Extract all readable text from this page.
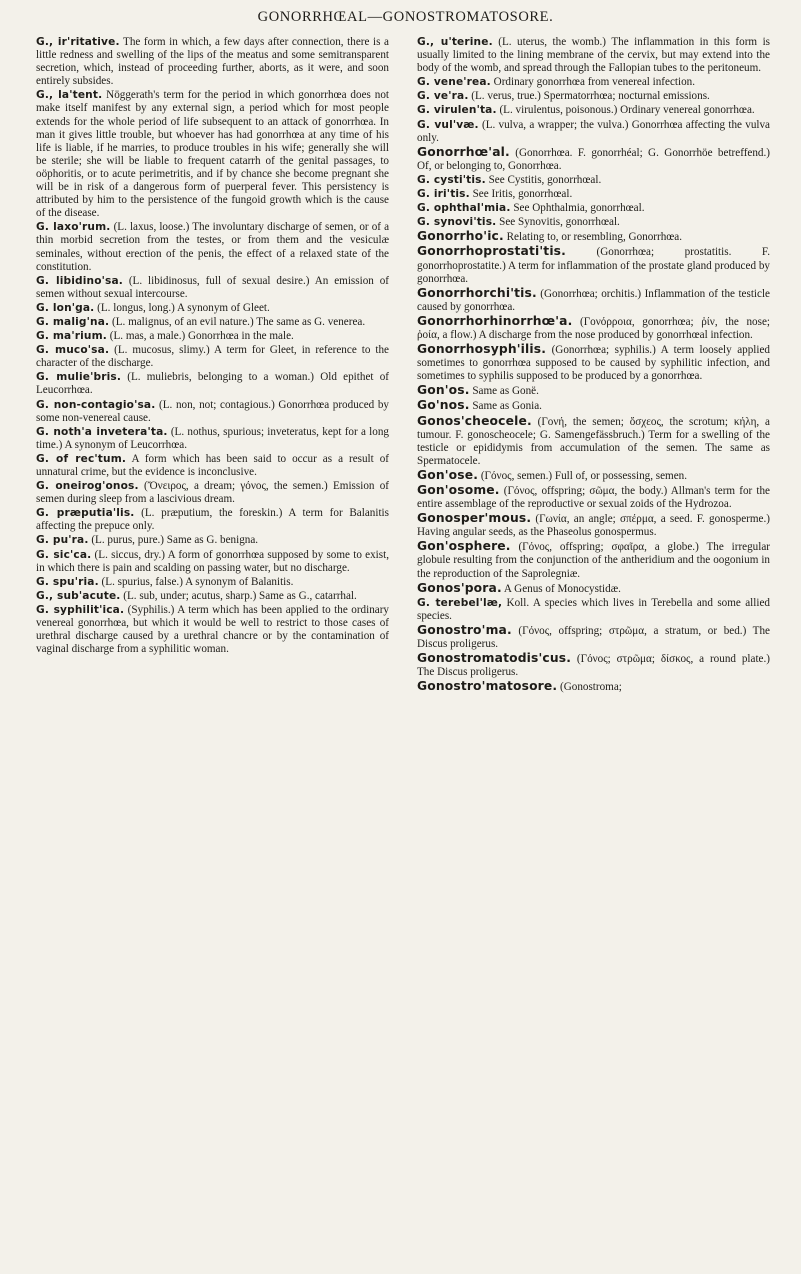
GONORRHŒAL—GONOSTROMATOSORE.

G., ir'ritative. The form in which, a few days after connection, there is a little redness and swelling of the lips of the meatus and some semitransparent secretion, which, instead of proceeding further, aborts, as it were, and soon entirely subsides.

G., la'tent. Nöggerath's term for the period in which gonorrhœa does not make itself manifest by any external sign, a period which for most people extends for the whole period of life subsequent to an attack of gonorrhœa. In man it gives little trouble, but whoever has had gonorrhœa at any time of his life is liable, if he marries, to produce troubles in his wife; generally she will be sterile; she will be liable to frequent catarrh of the genital passages, to oöphoritis, or to acute perimetritis, and if by chance she become pregnant she will be in risk of a dangerous form of puerperal fever. This persistency is attributed by him to the persistence of the fungoid growth which is the cause of the disease.

G. laxo'rum. (L. laxus, loose.) The involuntary discharge of semen, or of a thin morbid secretion from the testes, or from them and the vesiculæ seminales, without erection of the penis, the effect of a relaxed state of the constitution.

G. libidino'sa. (L. libidinosus, full of sexual desire.) An emission of semen without sexual intercourse.

G. lon'ga. (L. longus, long.) A synonym of Gleet.

G. malig'na. (L. malignus, of an evil nature.) The same as G. venerea.

G. ma'rium. (L. mas, a male.) Gonorrhœa in the male.

G. muco'sa. (L. mucosus, slimy.) A term for Gleet, in reference to the character of the discharge.

G. mulie'bris. (L. muliebris, belonging to a woman.) Old epithet of Leucorrhœa.

G. non-contagio'sa. (L. non, not; contagious.) Gonorrhœa produced by some non-venereal cause.

G. noth'a invetera'ta. (L. nothus, spurious; inveteratus, kept for a long time.) A synonym of Leucorrhœa.

G. of rec'tum. A form which has been said to occur as a result of unnatural crime, but the evidence is inconclusive.

G. oneirog'onos. (Ὄνειρος, a dream; γόνος, the semen.) Emission of semen during sleep from a lascivious dream.

G. præputia'lis. (L. præputium, the foreskin.) A term for Balanitis affecting the prepuce only.

G. pu'ra. (L. purus, pure.) Same as G. benigna.

G. sic'ca. (L. siccus, dry.) A form of gonorrhœa supposed by some to exist, in which there is pain and scalding on passing water, but no discharge.

G. spu'ria. (L. spurius, false.) A synonym of Balanitis.

G., sub'acute. (L. sub, under; acutus, sharp.) Same as G., catarrhal.

G. syphilit'ica. (Syphilis.) A term which has been applied to the ordinary venereal gonorrhœa, but which it would be well to restrict to those cases of urethral discharge caused by a urethral chancre or by the contamination of vaginal discharge from a syphilitic woman.

G., u'terine. (L. uterus, the womb.) The inflammation in this form is usually limited to the lining membrane of the cervix, but may extend into the body of the womb, and spread through the Fallopian tubes to the peritoneum.

G. vene'rea. Ordinary gonorrhœa from venereal infection.

G. ve'ra. (L. verus, true.) Spermatorrhœa; nocturnal emissions.

G. virulen'ta. (L. virulentus, poisonous.) Ordinary venereal gonorrhœa.

G. vul'væ. (L. vulva, a wrapper; the vulva.) Gonorrhœa affecting the vulva only.

Gonorrhœ'al. (Gonorrhœa. F. gonorrhéal; G. Gonorrhöe betreffend.) Of, or belonging to, Gonorrhœa.

G. cysti'tis. See Cystitis, gonorrhœal.

G. iri'tis. See Iritis, gonorrhœal.

G. ophthal'mia. See Ophthalmia, gonorrhœal.

G. synovi'tis. See Synovitis, gonorrhœal.

Gonorrho'ic. Relating to, or resembling, Gonorrhœa.

Gonorrhoprostati'tis. (Gonorrhœa; prostatitis. F. gonorrhoprostatite.) A term for inflammation of the prostate gland produced by gonorrhœa.

Gonorrhorchi'tis. (Gonorrhœa; orchitis.) Inflammation of the testicle caused by gonorrhœa.

Gonorrhorhinorrhœ'a. (Γονόρροια, gonorrhœa; ῥίν, the nose; ῥοία, a flow.) A discharge from the nose produced by gonorrhœal infection.

Gonorrhosyph'ilis. (Gonorrhœa; syphilis.) A term loosely applied sometimes to gonorrhœa supposed to be caused by syphilitic infection, and sometimes to syphilis supposed to be produced by a gonorrhœa.

Gon'os. Same as Gonë.

Go'nos. Same as Gonia.

Gonos'cheocele. (Γονή, the semen; ὄσχεος, the scrotum; κήλη, a tumour. F. gonoscheocele; G. Samengefässbruch.) Term for a swelling of the testicle or epididymis from accumulation of the semen. The same as Spermatocele.

Gon'ose. (Γόνος, semen.) Full of, or possessing, semen.

Gon'osome. (Γόνος, offspring; σῶμα, the body.) Allman's term for the entire assemblage of the reproductive or sexual zoids of the Hydrozoa.

Gonosper'mous. (Γωνία, an angle; σπέρμα, a seed. F. gonosperme.) Having angular seeds, as the Phaseolus gonospermus.

Gon'osphere. (Γόνος, offspring; σφαῖρα, a globe.) The irregular globule resulting from the conjunction of the antheridium and the oogonium in the reproduction of the Saprolegniæ.

Gonos'pora. A Genus of Monocystidæ.

G. terebel'læ, Koll. A species which lives in Terebella and some allied species.

Gonostro'ma. (Γόνος, offspring; στρῶμα, a stratum, or bed.) The Discus proligerus.

Gonostromatodis'cus. (Γόνος; στρῶμα; δίσκος, a round plate.) The Discus proligerus.

Gonostro'matosore. (Gonostroma;
